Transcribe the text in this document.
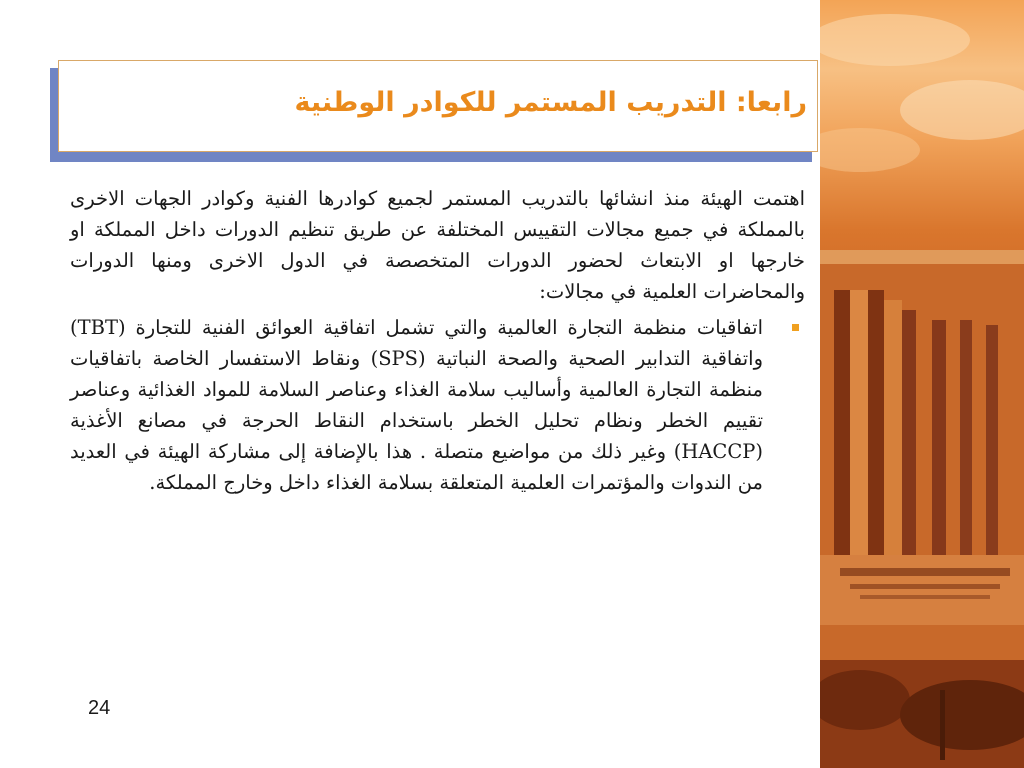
رابعا: التدريب المستمر للكوادر الوطنية

اهتمت الهيئة منذ انشائها بالتدريب المستمر لجميع كوادرها الفنية وكوادر الجهات الاخرى بالمملكة في جميع مجالات التقييس المختلفة عن طريق تنظيم الدورات داخل المملكة او خارجها او الابتعاث لحضور الدورات المتخصصة في الدول الاخرى ومنها الدورات والمحاضرات العلمية في مجالات:

اتفاقيات منظمة التجارة العالمية والتي تشمل اتفاقية العوائق الفنية للتجارة (TBT) واتفاقية التدابير الصحية والصحة النباتية (SPS) ونقاط الاستفسار الخاصة باتفاقيات منظمة التجارة العالمية وأساليب سلامة الغذاء وعناصر السلامة للمواد الغذائية وعناصر تقييم الخطر ونظام تحليل الخطر باستخدام النقاط الحرجة في مصانع الأغذية (HACCP) وغير ذلك من مواضيع متصلة . هذا بالإضافة إلى مشاركة الهيئة في العديد من الندوات والمؤتمرات العلمية المتعلقة بسلامة الغذاء داخل وخارج المملكة.

24
